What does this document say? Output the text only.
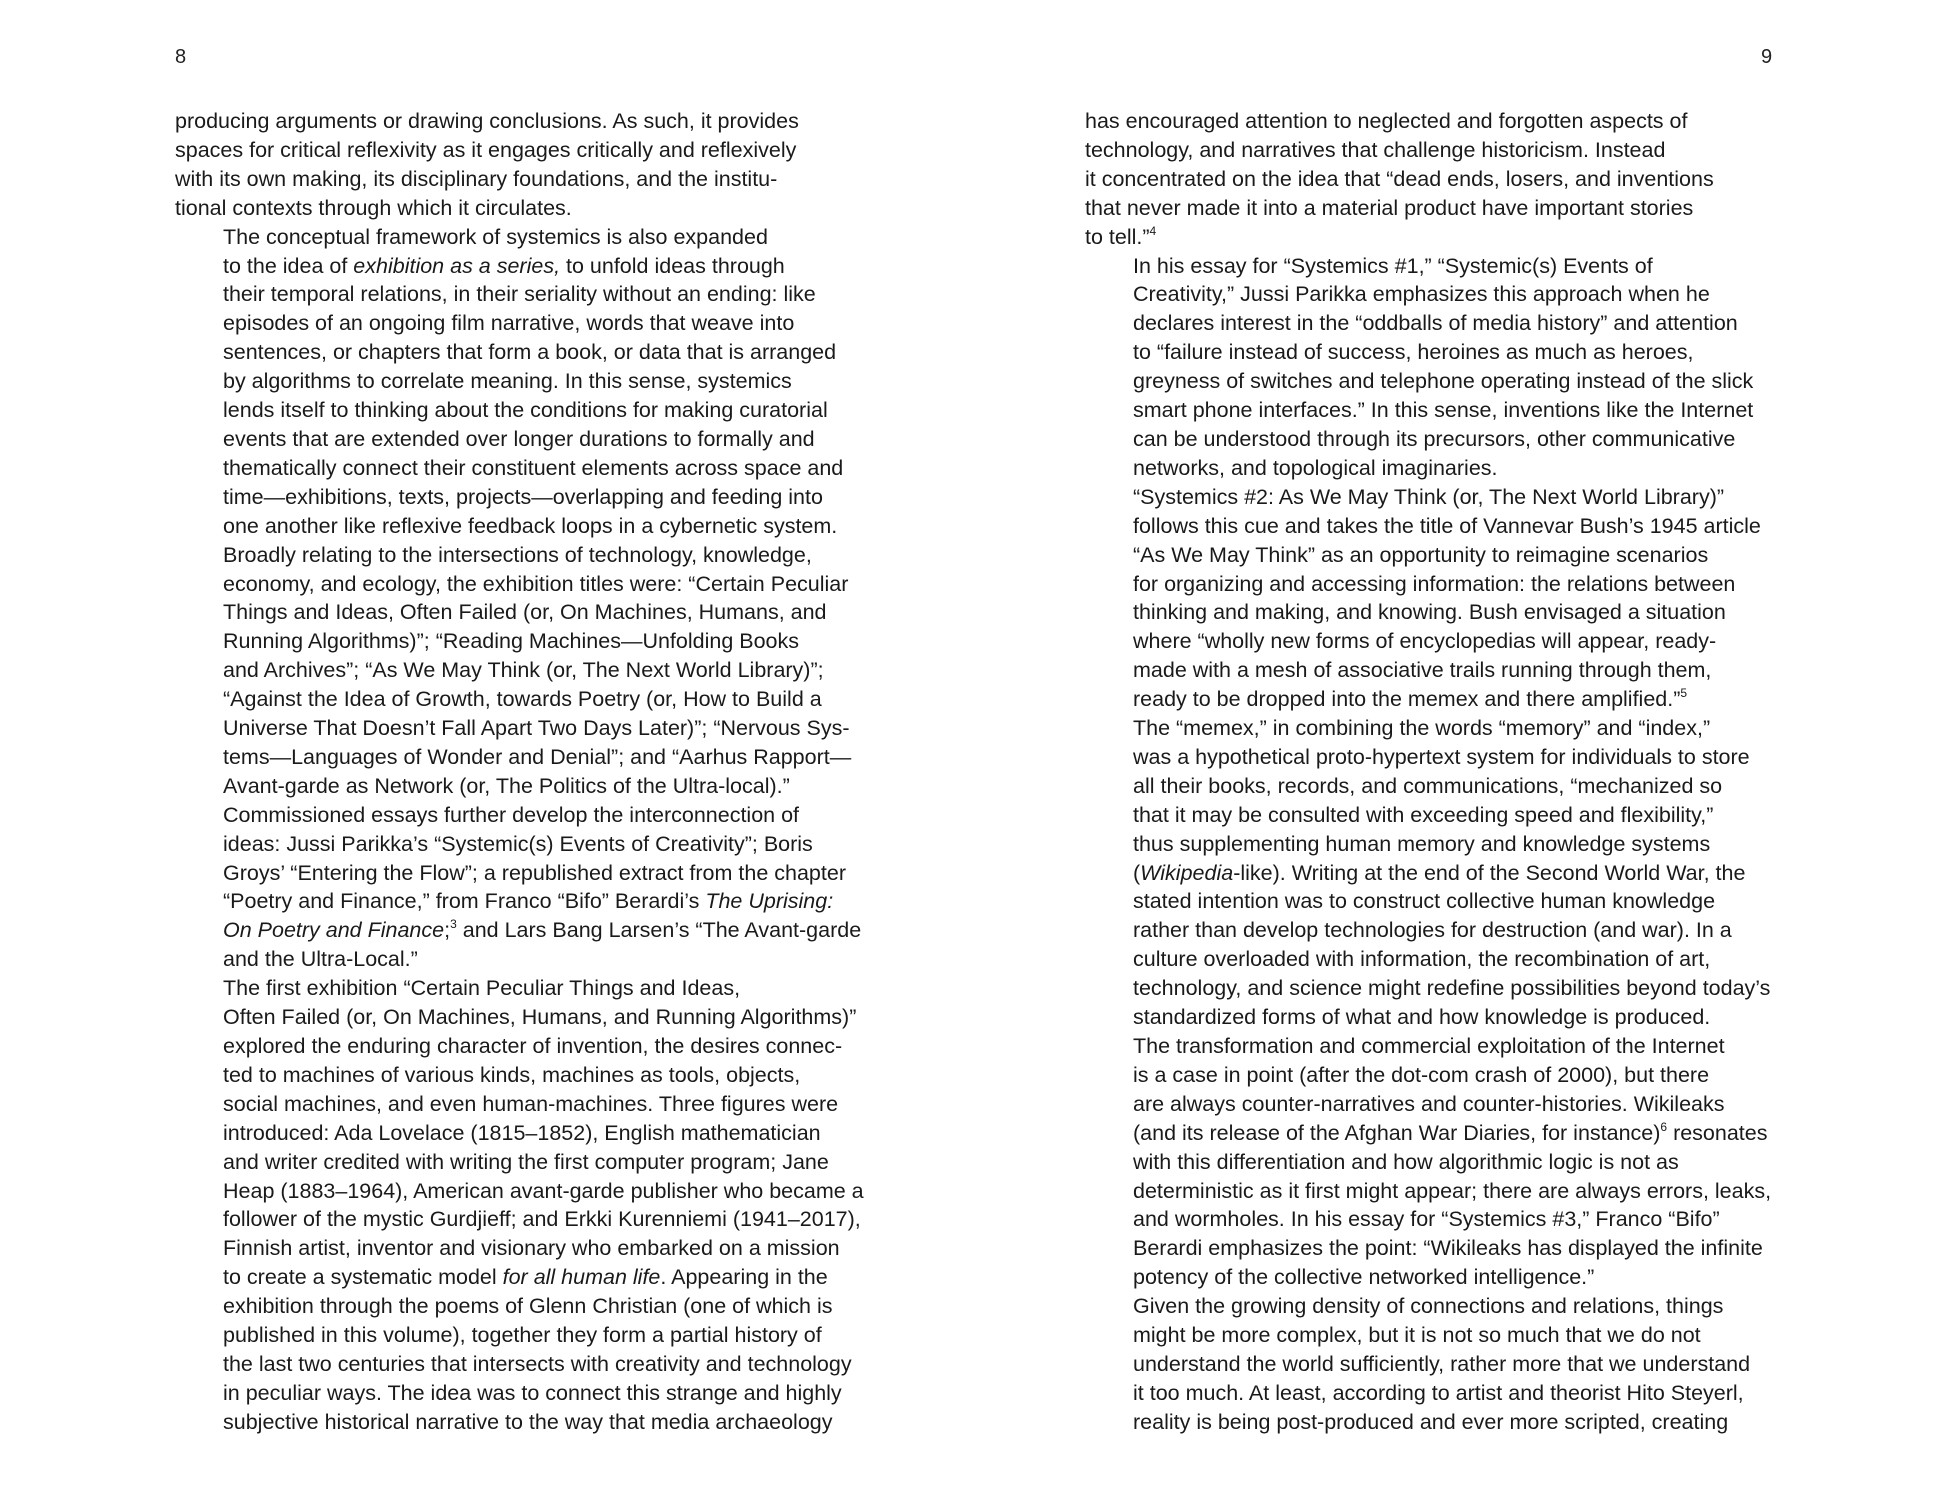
8	9

producing arguments or drawing conclusions. As such, it provides
spaces for critical reflexivity as it engages critically and reflexively
with its own making, its disciplinary foundations, and the institu-
tional contexts through which it circulates.

The conceptual framework of systemics is also expanded
to the idea of exhibition as a series, to unfold ideas through
their temporal relations, in their seriality without an ending: like
episodes of an ongoing film narrative, words that weave into
sentences, or chapters that form a book, or data that is arranged
by algorithms to correlate meaning. In this sense, systemics
lends itself to thinking about the conditions for making curatorial
events that are extended over longer durations to formally and
thematically connect their constituent elements across space and
time—exhibitions, texts, projects—overlapping and feeding into
one another like reflexive feedback loops in a cybernetic system.

Broadly relating to the intersections of technology, knowledge,
economy, and ecology, the exhibition titles were: “Certain Peculiar
Things and Ideas, Often Failed (or, On Machines, Humans, and
Running Algorithms)”; “Reading Machines—Unfolding Books
and Archives”; “As We May Think (or, The Next World Library)”;
“Against the Idea of Growth, towards Poetry (or, How to Build a
Universe That Doesn’t Fall Apart Two Days Later)”; “Nervous Sys-
tems—Languages of Wonder and Denial”; and “Aarhus Rapport—
Avant-garde as Network (or, The Politics of the Ultra-local).”
Commissioned essays further develop the interconnection of
ideas: Jussi Parikka’s “Systemic(s) Events of Creativity”; Boris
Groys’ “Entering the Flow”; a republished extract from the chapter
“Poetry and Finance,” from Franco “Bifo” Berardi’s The Uprising:
On Poetry and Finance;$^3$ and Lars Bang Larsen’s “The Avant-garde
and the Ultra-Local.”

The first exhibition “Certain Peculiar Things and Ideas,
Often Failed (or, On Machines, Humans, and Running Algorithms)”
explored the enduring character of invention, the desires connec-
ted to machines of various kinds, machines as tools, objects,
social machines, and even human-machines. Three figures were
introduced: Ada Lovelace (1815–1852), English mathematician
and writer credited with writing the first computer program; Jane
Heap (1883–1964), American avant-garde publisher who became a
follower of the mystic Gurdjieff; and Erkki Kurenniemi (1941–2017),
Finnish artist, inventor and visionary who embarked on a mission
to create a systematic model for all human life. Appearing in the
exhibition through the poems of Glenn Christian (one of which is
published in this volume), together they form a partial history of
the last two centuries that intersects with creativity and technology
in peculiar ways. The idea was to connect this strange and highly
subjective historical narrative to the way that media archaeology

has encouraged attention to neglected and forgotten aspects of
technology, and narratives that challenge historicism. Instead
it concentrated on the idea that “dead ends, losers, and inventions
that never made it into a material product have important stories
to tell.”$^4$

In his essay for “Systemics #1,” “Systemic(s) Events of
Creativity,” Jussi Parikka emphasizes this approach when he
declares interest in the “oddballs of media history” and attention
to “failure instead of success, heroines as much as heroes,
greyness of switches and telephone operating instead of the slick
smart phone interfaces.” In this sense, inventions like the Internet
can be understood through its precursors, other communicative
networks, and topological imaginaries.

“Systemics #2: As We May Think (or, The Next World Library)”
follows this cue and takes the title of Vannevar Bush’s 1945 article
“As We May Think” as an opportunity to reimagine scenarios
for organizing and accessing information: the relations between
thinking and making, and knowing. Bush envisaged a situation
where “wholly new forms of encyclopedias will appear, ready-
made with a mesh of associative trails running through them,
ready to be dropped into the memex and there amplified.”$^5$
The “memex,” in combining the words “memory” and “index,”
was a hypothetical proto-hypertext system for individuals to store
all their books, records, and communications, “mechanized so
that it may be consulted with exceeding speed and flexibility,”
thus supplementing human memory and knowledge systems
(Wikipedia-like). Writing at the end of the Second World War, the
stated intention was to construct collective human knowledge
rather than develop technologies for destruction (and war). In a
culture overloaded with information, the recombination of art,
technology, and science might redefine possibilities beyond today’s
standardized forms of what and how knowledge is produced.
The transformation and commercial exploitation of the Internet
is a case in point (after the dot-com crash of 2000), but there
are always counter-narratives and counter-histories. Wikileaks
(and its release of the Afghan War Diaries, for instance)$^6$ resonates
with this differentiation and how algorithmic logic is not as
deterministic as it first might appear; there are always errors, leaks,
and wormholes. In his essay for “Systemics #3,” Franco “Bifo”
Berardi emphasizes the point: “Wikileaks has displayed the infinite
potency of the collective networked intelligence.”

Given the growing density of connections and relations, things
might be more complex, but it is not so much that we do not
understand the world sufficiently, rather more that we understand
it too much. At least, according to artist and theorist Hito Steyerl,
reality is being post-produced and ever more scripted, creating
